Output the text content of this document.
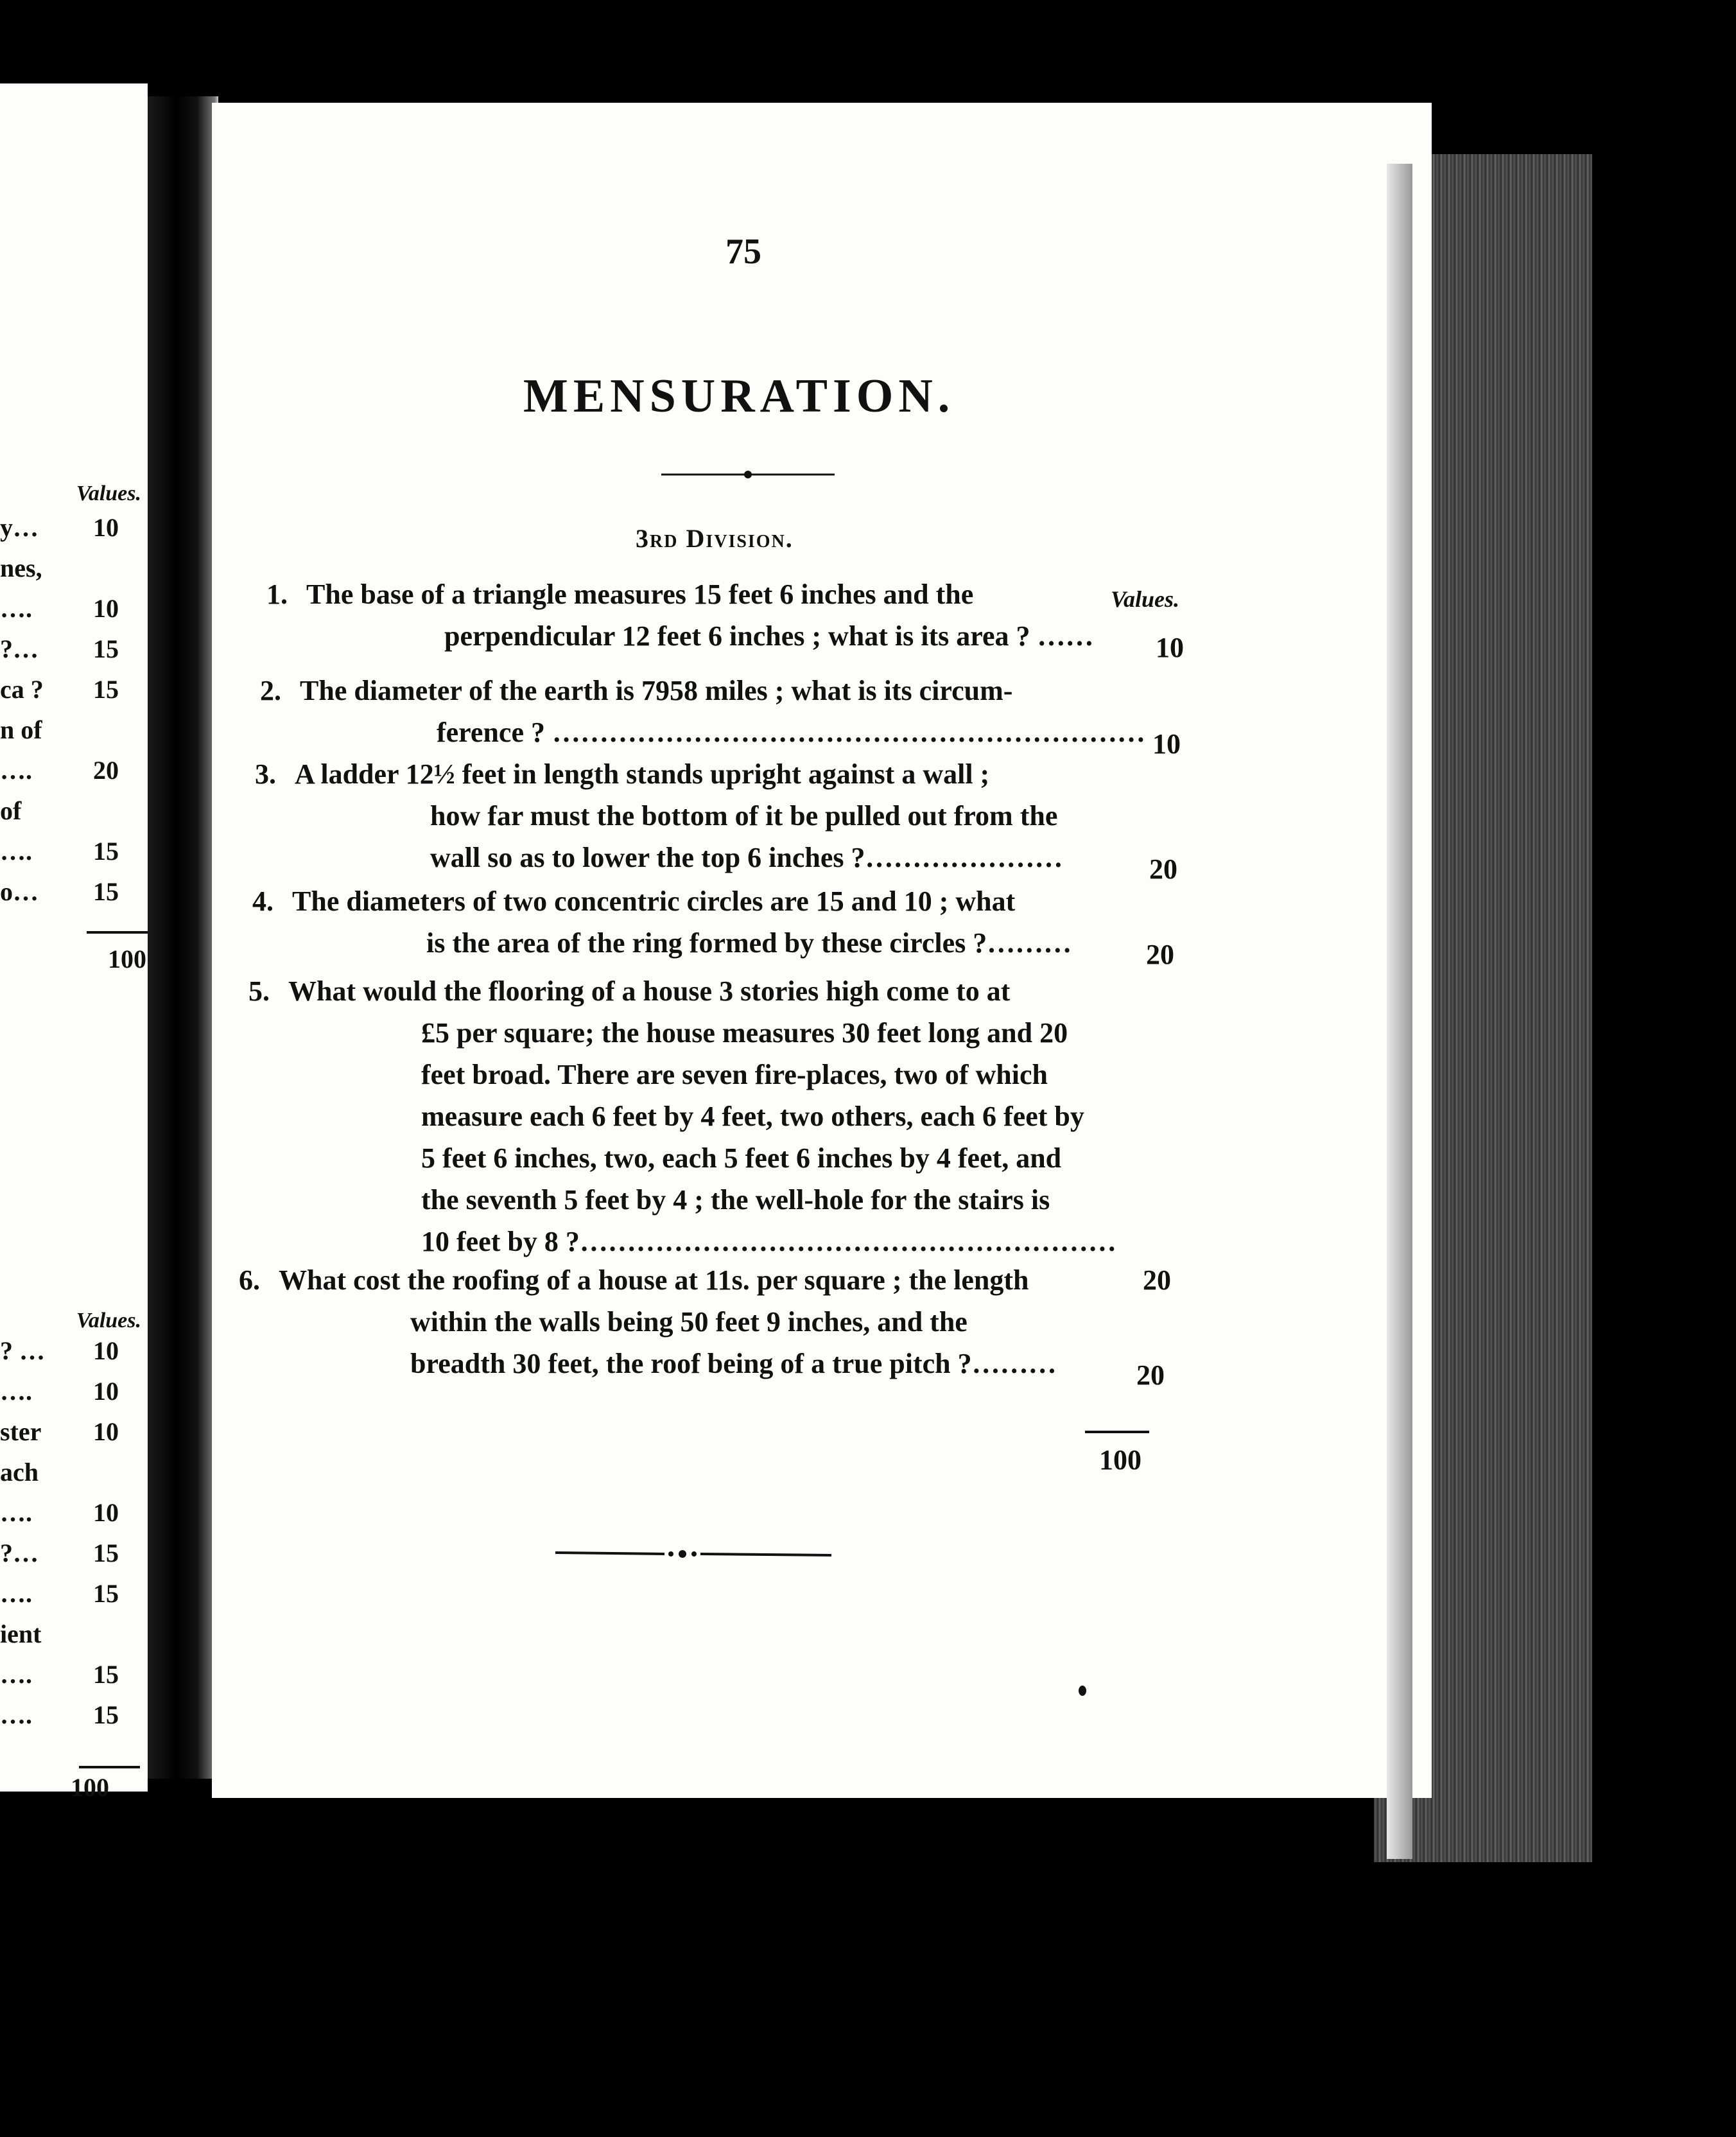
Values.
y… 10
nes,
…. 10
?… 15
ca ? 15
n of
…. 20
of
…. 15
o… 15
100
Values.
? … 10
…. 10
ster 10
ach
…. 10
?… 15
…. 15
ient
…. 15
…. 15
100
75
MENSURATION.
3rd Division.
Values.
1. The base of a triangle measures 15 feet 6 inches and the
perpendicular 12 feet 6 inches ; what is its area ? …… 10
2. The diameter of the earth is 7958 miles ; what is its circum-
ference ? ……………………………………………………… 10
3. A ladder 12½ feet in length stands upright against a wall ;
how far must the bottom of it be pulled out from the
wall so as to lower the top 6 inches ?…………………	20
4. The diameters of two concentric circles are 15 and 10 ; what
is the area of the ring formed by these circles ?………	20
5. What would the flooring of a house 3 stories high come to at
£5 per square; the house measures 30 feet long and 20
feet broad. There are seven fire-places, two of which
measure each 6 feet by 4 feet, two others, each 6 feet by
5 feet 6 inches, two, each 5 feet 6 inches by 4 feet, and
the seventh 5 feet by 4 ; the well-hole for the stairs is
10 feet by 8 ?…………………………………………………
20
6. What cost the roofing of a house at 11s. per square ; the length
within the walls being 50 feet 9 inches, and the
breadth 30 feet, the roof being of a true pitch ?………	20
100
